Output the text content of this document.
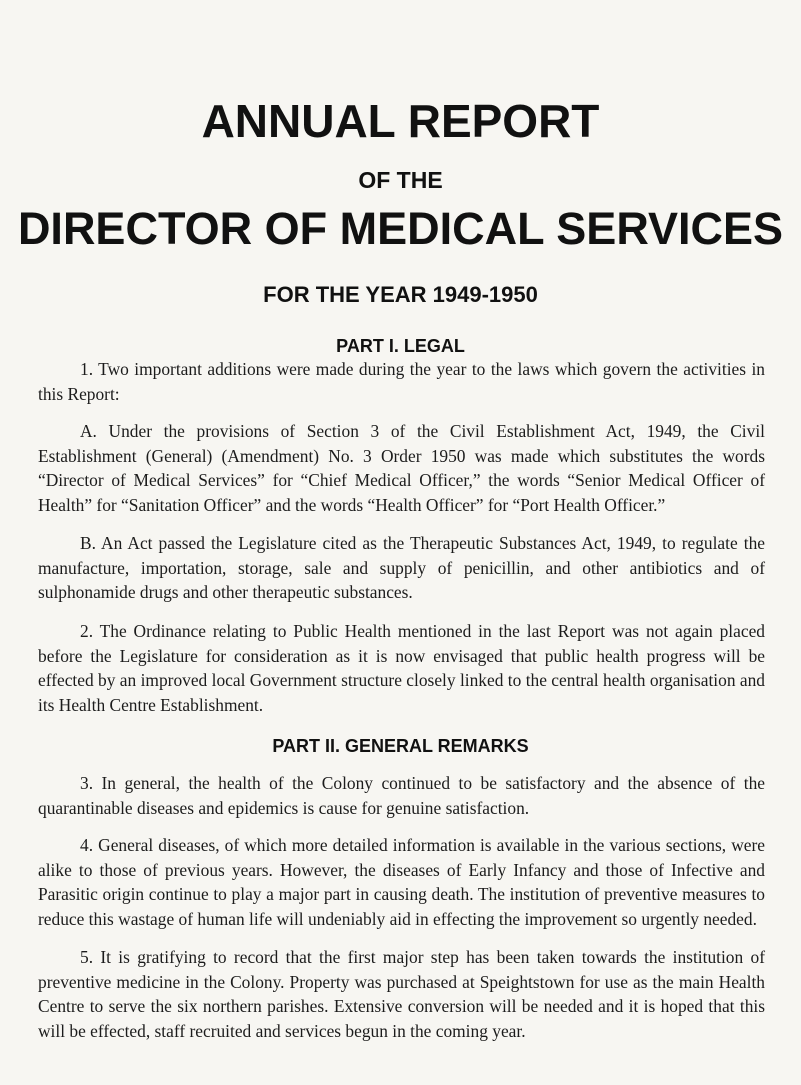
ANNUAL REPORT
OF THE
DIRECTOR OF MEDICAL SERVICES
FOR THE YEAR 1949-1950
PART I. LEGAL
1. Two important additions were made during the year to the laws which govern the activities in this Report:
A. Under the provisions of Section 3 of the Civil Establishment Act, 1949, the Civil Establishment (General) (Amendment) No. 3 Order 1950 was made which substitutes the words “Director of Medical Services” for “Chief Medical Officer,” the words “Senior Medical Officer of Health” for “Sanitation Officer” and the words “Health Officer” for “Port Health Officer.”
B. An Act passed the Legislature cited as the Therapeutic Substances Act, 1949, to regulate the manufacture, importation, storage, sale and supply of penicillin, and other antibiotics and of sulphonamide drugs and other therapeutic substances.
2. The Ordinance relating to Public Health mentioned in the last Report was not again placed before the Legislature for consideration as it is now envisaged that public health progress will be effected by an improved local Government structure closely linked to the central health organisation and its Health Centre Establishment.
PART II. GENERAL REMARKS
3. In general, the health of the Colony continued to be satisfactory and the absence of the quarantinable diseases and epidemics is cause for genuine satisfaction.
4. General diseases, of which more detailed information is available in the various sections, were alike to those of previous years. However, the diseases of Early Infancy and those of Infective and Parasitic origin continue to play a major part in causing death. The institution of preventive measures to reduce this wastage of human life will undeniably aid in effecting the improvement so urgently needed.
5. It is gratifying to record that the first major step has been taken towards the institution of preventive medicine in the Colony. Property was purchased at Speightstown for use as the main Health Centre to serve the six northern parishes. Extensive conversion will be needed and it is hoped that this will be effected, staff recruited and services begun in the coming year.
